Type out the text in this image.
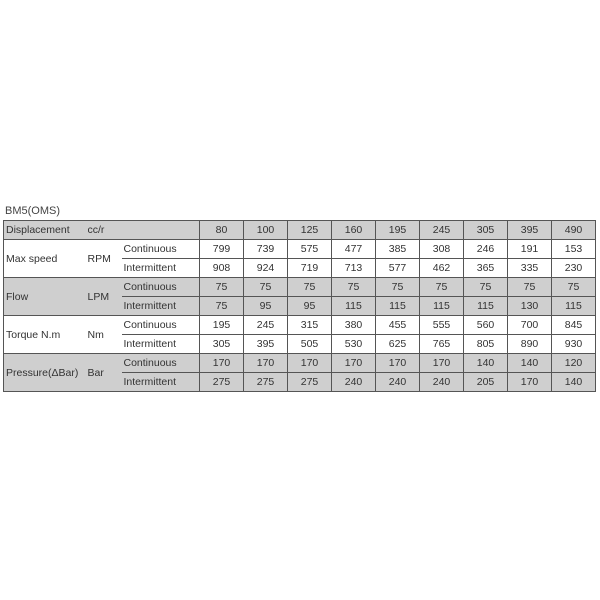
BM5(OMS)
Displacement	cc/r		80	100	125	160	195	245	305	395	490
Max speed	RPM	Continuous	799	739	575	477	385	308	246	191	153
		Intermittent	908	924	719	713	577	462	365	335	230
Flow	LPM	Continuous	75	75	75	75	75	75	75	75	75
		Intermittent	75	95	95	115	115	115	115	130	115
Torque N.m	Nm	Continuous	195	245	315	380	455	555	560	700	845
		Intermittent	305	395	505	530	625	765	805	890	930
Pressure(ΔBar)	Bar	Continuous	170	170	170	170	170	170	140	140	120
		Intermittent	275	275	275	240	240	240	205	170	140
